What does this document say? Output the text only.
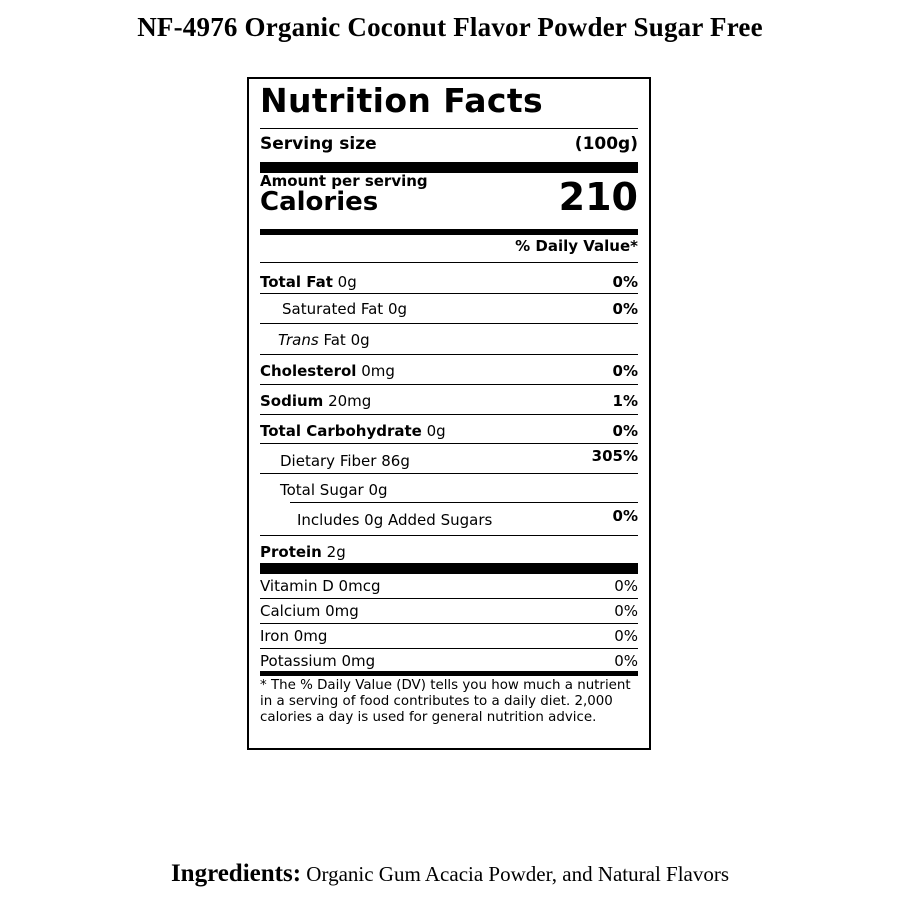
NF-4976 Organic Coconut Flavor Powder Sugar Free
Nutrition Facts
Serving size	(100g)
Amount per serving
Calories	210
% Daily Value*
Total Fat 0g	0%
Saturated Fat 0g	0%
Trans Fat 0g
Cholesterol 0mg	0%
Sodium 20mg	1%
Total Carbohydrate 0g	0%
Dietary Fiber 86g	305%
Total Sugar 0g
Includes 0g Added Sugars	0%
Protein 2g
Vitamin D 0mcg	0%
Calcium 0mg	0%
Iron 0mg	0%
Potassium 0mg	0%
* The % Daily Value (DV) tells you how much a nutrient in a serving of food contributes to a daily diet. 2,000 calories a day is used for general nutrition advice.
Ingredients: Organic Gum Acacia Powder, and Natural Flavors
